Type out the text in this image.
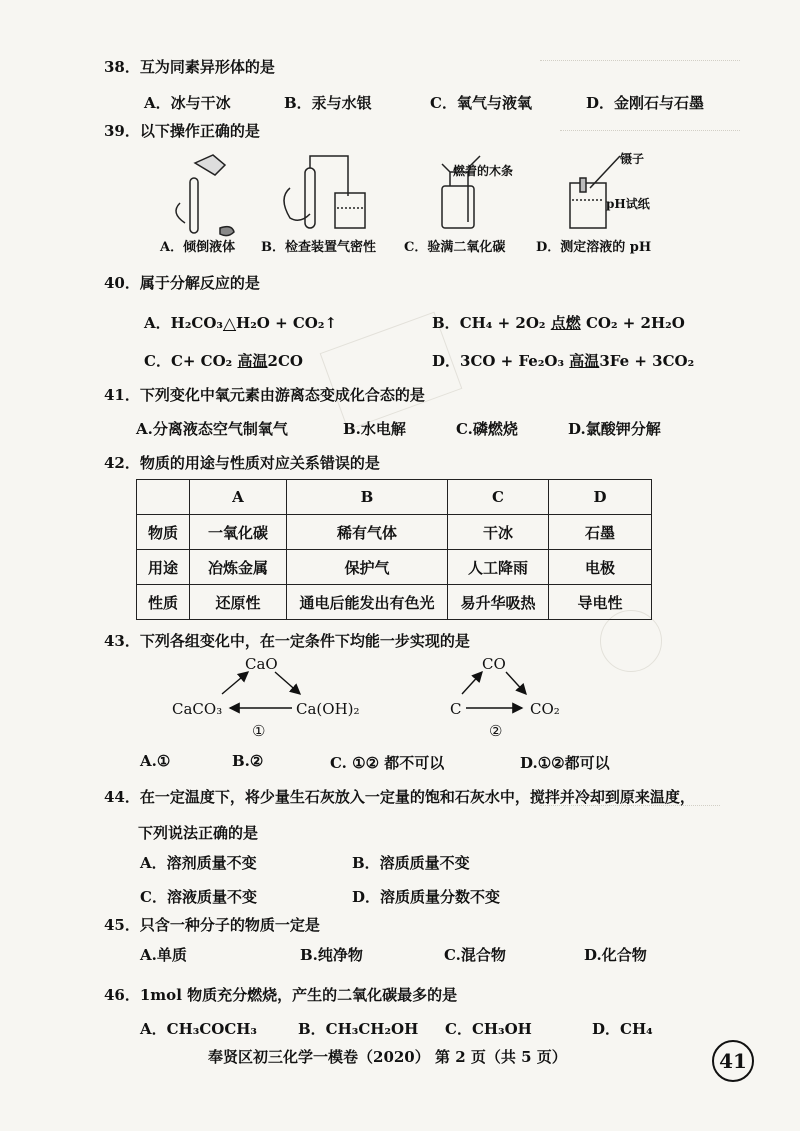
38．互为同素异形体的是
A．冰与干冰	B．汞与水银	C．氧气与液氧	D．金刚石与石墨
39．以下操作正确的是
燃着的木条
镊子
pH试纸
A．倾倒液体 B．检查装置气密性 C．验满二氧化碳 D．测定溶液的 pH
40．属于分解反应的是
A．H₂CO₃△H₂O + CO₂↑	B．CH₄ + 2O₂ 点燃 CO₂ + 2H₂O
C．C+ CO₂ 高温2CO	D．3CO + Fe₂O₃ 高温3Fe + 3CO₂
41．下列变化中氧元素由游离态变成化合态的是
A.分离液态空气制氧气	B.水电解	C.磷燃烧	D.氯酸钾分解
42．物质的用途与性质对应关系错误的是
	A	B	C	D
物质	一氧化碳	稀有气体	干冰	石墨
用途	冶炼金属	保护气	人工降雨	电极
性质	还原性	通电后能发出有色光	易升华吸热	导电性
43．下列各组变化中，在一定条件下均能一步实现的是
CaO
CaCO₃	Ca(OH)₂
①
CO
C	CO₂
②
A.①	B.②	C. ①② 都不可以	D.①②都可以
44．在一定温度下，将少量生石灰放入一定量的饱和石灰水中，搅拌并冷却到原来温度，
下列说法正确的是
A．溶剂质量不变	B．溶质质量不变
C．溶液质量不变	D．溶质质量分数不变
45．只含一种分子的物质一定是
A.单质	B.纯净物	C.混合物	D.化合物
46．1mol 物质充分燃烧，产生的二氧化碳最多的是
A．CH₃COCH₃	B．CH₃CH₂OH C．CH₃OH	D．CH₄
奉贤区初三化学一模卷（2020） 第 2 页（共 5 页）	41
